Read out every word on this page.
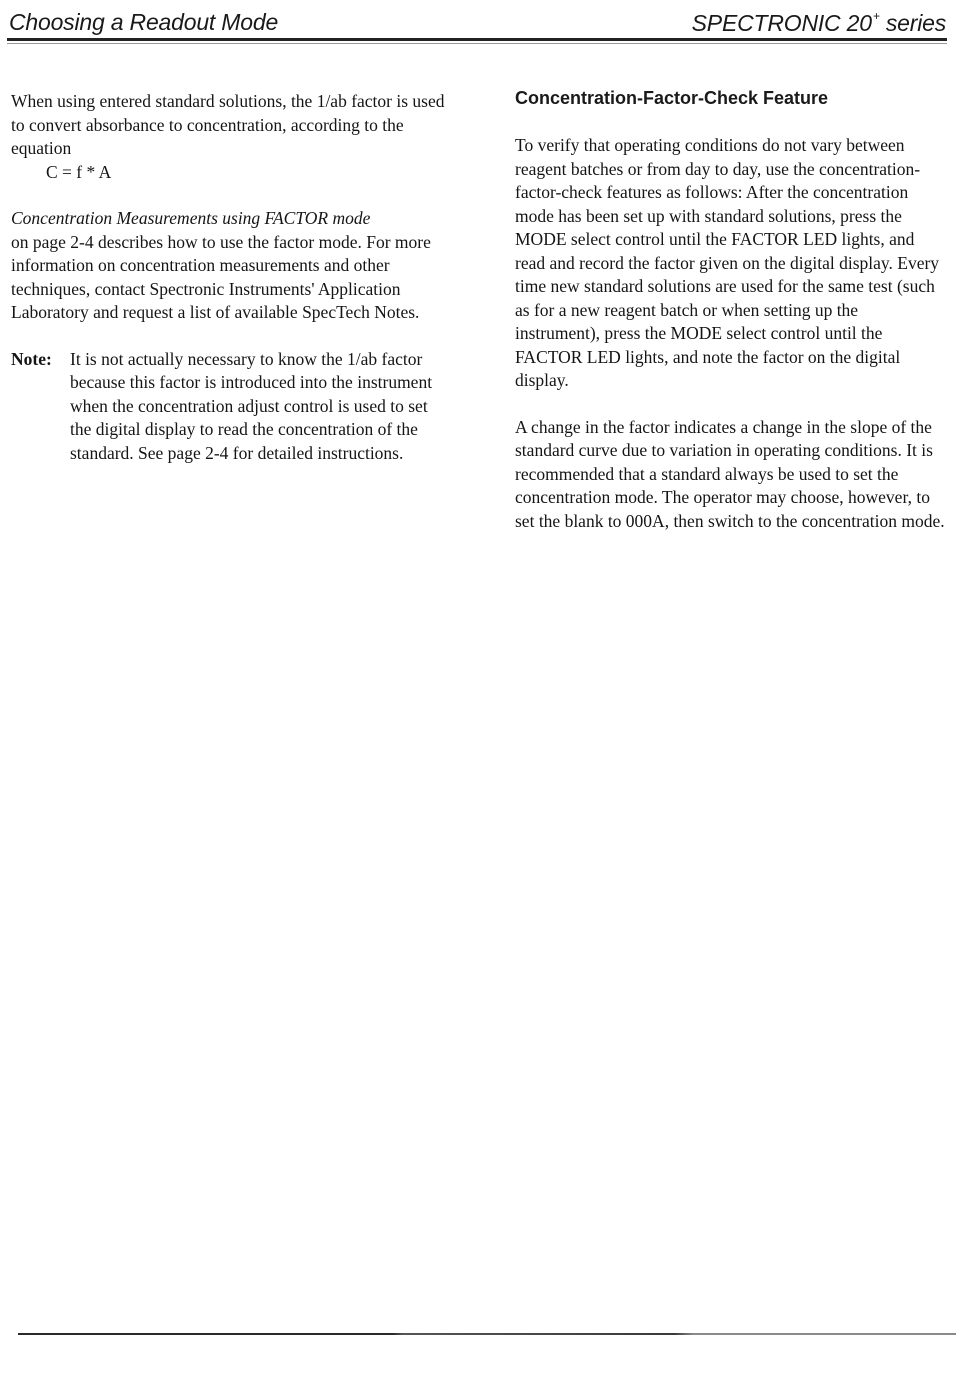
Choosing a Readout Mode	SPECTRONIC 20+ series

When using entered standard solutions, the 1/ab factor is used to convert absorbance to concentration, according to the equation

C = f * A

Concentration Measurements using FACTOR mode
on page 2-4 describes how to use the factor mode. For more information on concentration measurements and other techniques, contact Spectronic Instruments' Application Laboratory and request a list of available SpecTech Notes.

Note:	It is not actually necessary to know the 1/ab factor because this factor is introduced into the instrument when the concentration adjust control is used to set the digital display to read the concentration of the standard. See page 2-4 for detailed instructions.
Concentration-Factor-Check Feature

To verify that operating conditions do not vary between reagent batches or from day to day, use the concentration-factor-check features as follows: After the concentration mode has been set up with standard solutions, press the MODE select control until the FACTOR LED lights, and read and record the factor given on the digital display. Every time new standard solutions are used for the same test (such as for a new reagent batch or when setting up the instrument), press the MODE select control until the FACTOR LED lights, and note the factor on the digital display.

A change in the factor indicates a change in the slope of the standard curve due to variation in operating conditions. It is recommended that a standard always be used to set the concentration mode. The operator may choose, however, to set the blank to 000A, then switch to the concentration mode.
